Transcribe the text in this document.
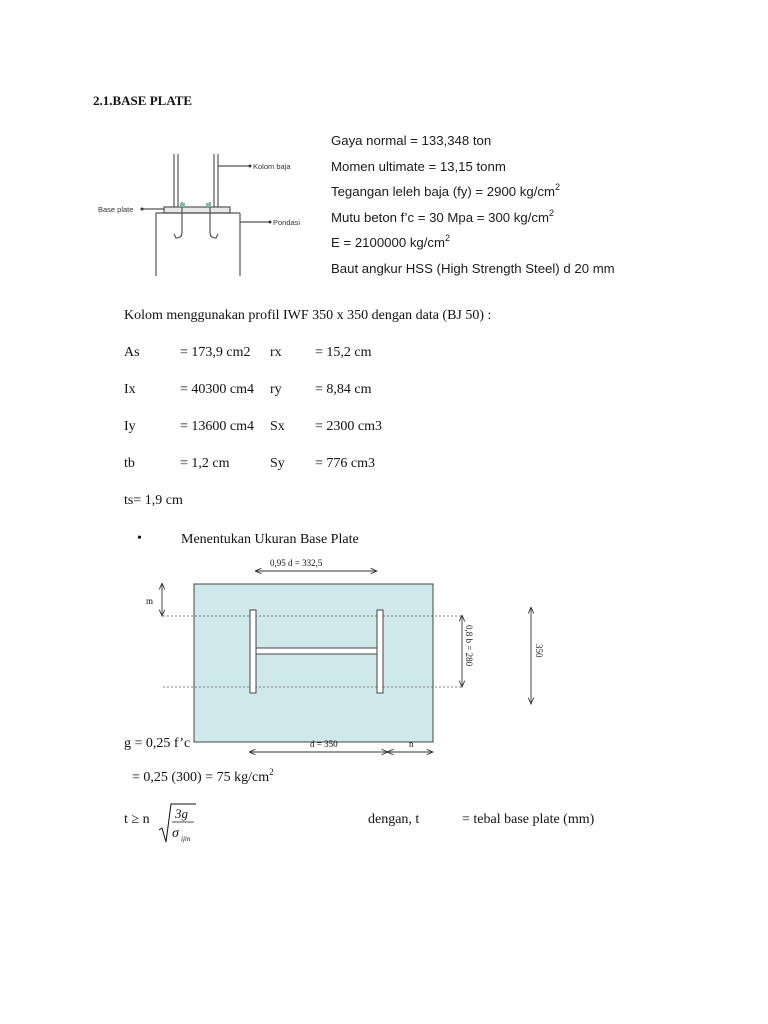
2.1.BASE PLATE
Gaya normal = 133,348 ton
Momen ultimate = 13,15 tonm
Tegangan leleh baja (fy) = 2900 $kg/cm^2$
Mutu beton f’c = 30 Mpa = 300 $kg/cm^2$
E = 2100000 $kg/cm^2$
Baut angkur HSS (High Strength Steel) d 20 mm
Kolom baja
Base plate
Pondasi
Kolom menggunakan profil IWF 350 x 350 dengan data (BJ 50) :
As	= 173,9 cm2 rx = 15,2 cm
Ix	= 40300 cm4 ry = 8,84 cm
Iy	= 13600 cm4 Sx = 2300 cm3
tb	= 1,2 cm	Sy = 776 cm3
ts= 1,9 cm
•	Menentukan Ukuran Base Plate
0,95 d = 332,5
m
0,8 b = 280	350
d = 350	n
g = 0,25 f’c
= 0,25 (300) = 75 $kg/cm^2$
t ≥ n 3g
σ ijin
dengan, t	= tebal base plate (mm)
